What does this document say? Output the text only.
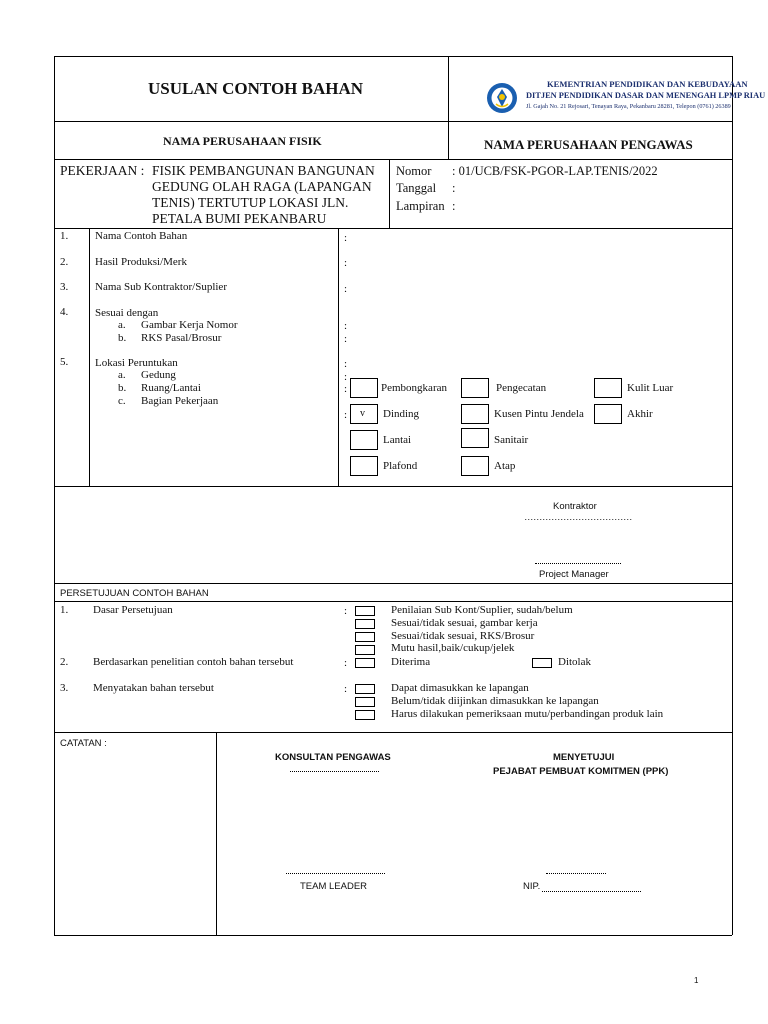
USULAN CONTOH BAHAN	KEMENTRIAN PENDIDIKAN DAN KEBUDAYAAN
DITJEN PENDIDIKAN DASAR DAN MENENGAH LPMP RIAU
Jl. Gajah No. 21 Rejosari, Tenayan Raya, Pekanbaru 28281, Telepon (0761) 26389
NAMA PERUSAHAAN FISIK	NAMA PERUSAHAAN PENGAWAS
PEKERJAAN : FISIK PEMBANGUNAN BANGUNAN
GEDUNG OLAH RAGA (LAPANGAN
TENIS) TERTUTUP LOKASI JLN.
PETALA BUMI PEKANBARU
Nomor : 01/UCB/FSK-PGOR-LAP.TENIS/2022
Tanggal :
Lampiran :
1. Nama Contoh Bahan	:
2. Hasil Produksi/Merk	:
3. Nama Sub Kontraktor/Suplier	:
4. Sesuai dengan
a. Gambar Kerja Nomor	:
b. RKS Pasal/Brosur	:
5. Lokasi Peruntukan	:
a. Gedung	:
b. Ruang/Lantai	:
c. Bagian Pekerjaan
:
Pembongkaran	Pengecatan	Kulit Luar
v Dinding	Kusen Pintu Jendela	Akhir
Lantai	Sanitair
Plafond	Atap
Kontraktor
………………………………
Project Manager
PERSETUJUAN CONTOH BAHAN
1. Dasar Persetujuan	:	Penilaian Sub Kont/Suplier, sudah/belum
Sesuai/tidak sesuai, gambar kerja
Sesuai/tidak sesuai, RKS/Brosur
Mutu hasil,baik/cukup/jelek
2. Berdasarkan penelitian contoh bahan tersebut	:	Diterima	Ditolak
3. Menyatakan bahan tersebut	:	Dapat dimasukkan ke lapangan
Belum/tidak diijinkan dimasukkan ke lapangan
Harus dilakukan pemeriksaan mutu/perbandingan produk lain
CATATAN :
KONSULTAN PENGAWAS	MENYETUJUI
PEJABAT PEMBUAT KOMITMEN (PPK)
TEAM LEADER	NIP.
1
